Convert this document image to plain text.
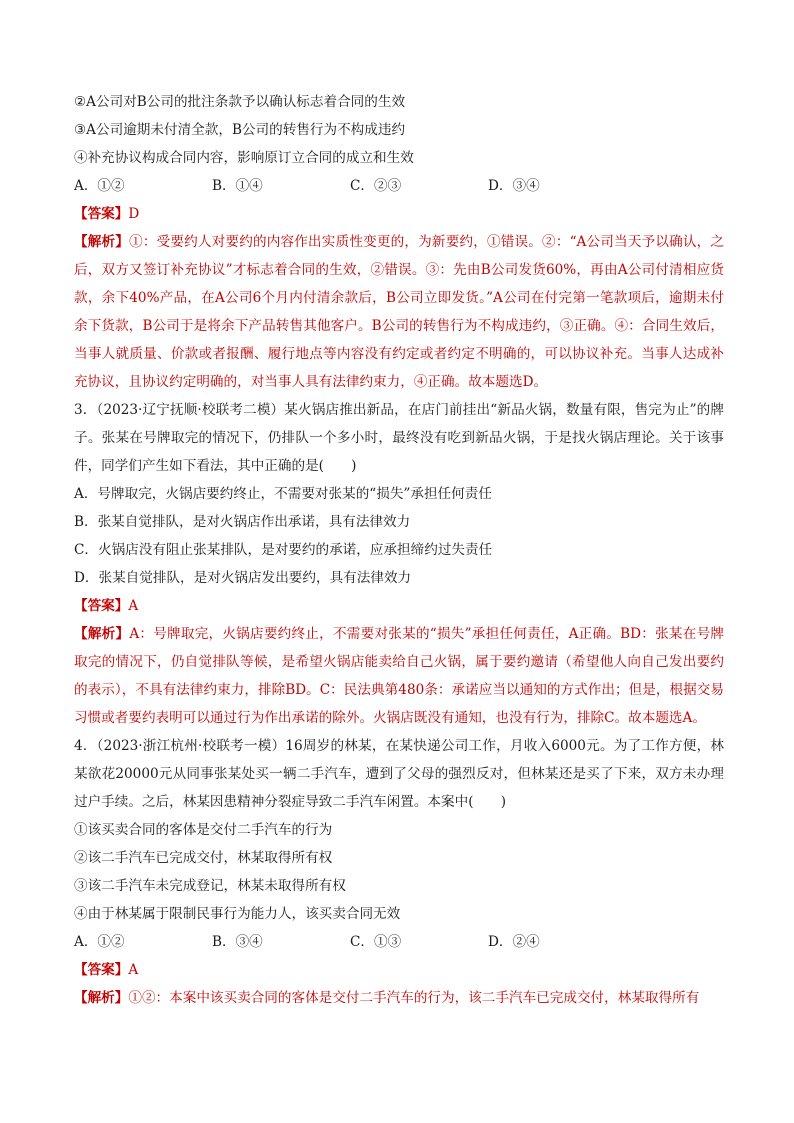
②A公司对B公司的批注条款予以确认标志着合同的生效
③A公司逾期未付清全款，B公司的转售行为不构成违约
④补充协议构成合同内容，影响原订立合同的成立和生效
A．①②	B．①④	C．②③	D．③④
【答案】D
【解析】①：受要约人对要约的内容作出实质性变更的，为新要约，①错误。②：“A公司当天予以确认，之后，双方又签订补充协议”才标志着合同的生效，②错误。③：先由B公司发货60%，再由A公司付清相应货款，余下40%产品，在A公司6个月内付清余款后，B公司立即发货。”A公司在付完第一笔款项后，逾期未付余下货款，B公司于是将余下产品转售其他客户。B公司的转售行为不构成违约，③正确。④：合同生效后，当事人就质量、价款或者报酬、履行地点等内容没有约定或者约定不明确的，可以协议补充。当事人达成补充协议，且协议约定明确的，对当事人具有法律约束力，④正确。故本题选D。
3．（2023·辽宁抚顺·校联考二模）某火锅店推出新品，在店门前挂出“新品火锅，数量有限，售完为止”的牌子。张某在号牌取完的情况下，仍排队一个多小时，最终没有吃到新品火锅，于是找火锅店理论。关于该事件，同学们产生如下看法，其中正确的是(　　)
A．号牌取完，火锅店要约终止，不需要对张某的“损失”承担任何责任
B．张某自觉排队，是对火锅店作出承诺，具有法律效力
C．火锅店没有阻止张某排队，是对要约的承诺，应承担缔约过失责任
D．张某自觉排队，是对火锅店发出要约，具有法律效力
【答案】A
【解析】A：号牌取完，火锅店要约终止，不需要对张某的“损失”承担任何责任，A正确。BD：张某在号牌取完的情况下，仍自觉排队等候，是希望火锅店能卖给自己火锅，属于要约邀请（希望他人向自己发出要约的表示），不具有法律约束力，排除BD。C：民法典第480条：承诺应当以通知的方式作出；但是，根据交易习惯或者要约表明可以通过行为作出承诺的除外。火锅店既没有通知，也没有行为，排除C。故本题选A。
4．（2023·浙江杭州·校联考一模）16周岁的林某，在某快递公司工作，月收入6000元。为了工作方便，林某欲花20000元从同事张某处买一辆二手汽车，遭到了父母的强烈反对，但林某还是买了下来，双方未办理过户手续。之后，林某因患精神分裂症导致二手汽车闲置。本案中(　　)
①该买卖合同的客体是交付二手汽车的行为
②该二手汽车已完成交付，林某取得所有权
③该二手汽车未完成登记，林某未取得所有权
④由于林某属于限制民事行为能力人，该买卖合同无效
A．①②	B．③④	C．①③	D．②④
【答案】A
【解析】①②：本案中该买卖合同的客体是交付二手汽车的行为，该二手汽车已完成交付，林某取得所有
